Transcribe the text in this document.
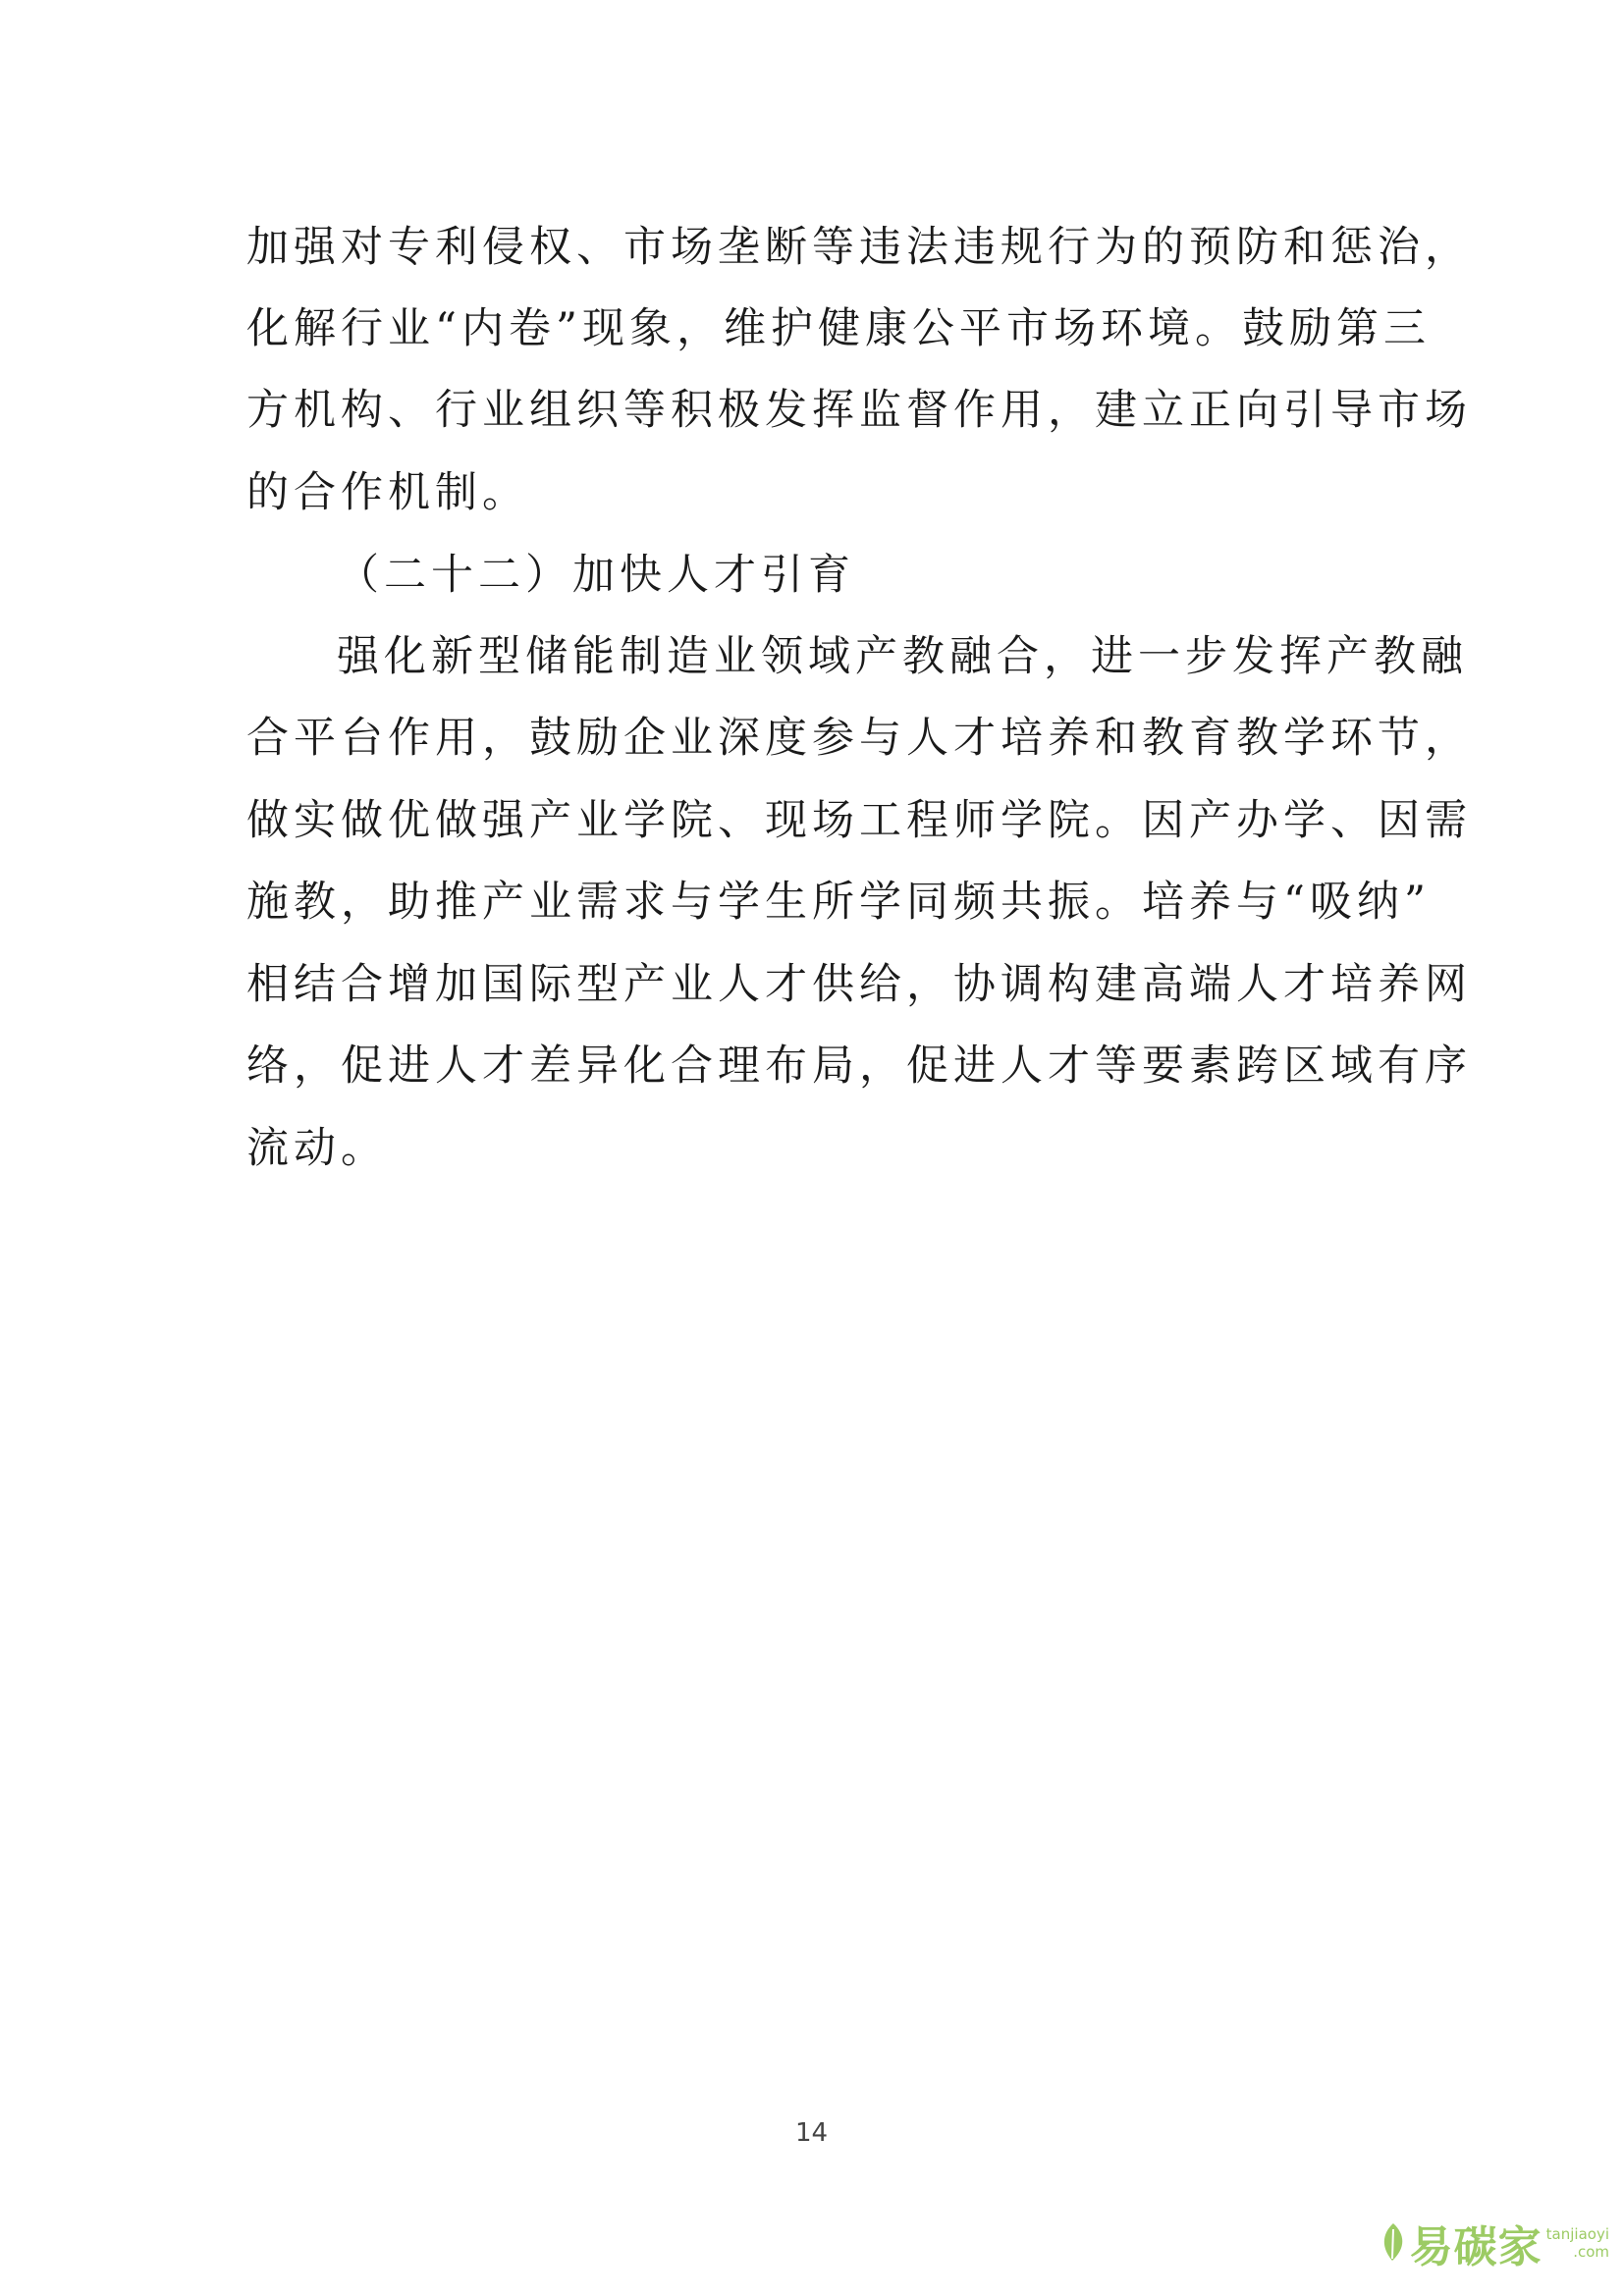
加强对专利侵权、市场垄断等违法违规行为的预防和惩治，
化解行业“内卷”现象，维护健康公平市场环境。鼓励第三
方机构、行业组织等积极发挥监督作用，建立正向引导市场
的合作机制。
（二十二）加快人才引育
强化新型储能制造业领域产教融合，进一步发挥产教融
合平台作用，鼓励企业深度参与人才培养和教育教学环节，
做实做优做强产业学院、现场工程师学院。因产办学、因需
施教，助推产业需求与学生所学同频共振。培养与“吸纳”
相结合增加国际型产业人才供给，协调构建高端人才培养网
络，促进人才差异化合理布局，促进人才等要素跨区域有序
流动。
14
易碳家 tanjiaoyi
.com
